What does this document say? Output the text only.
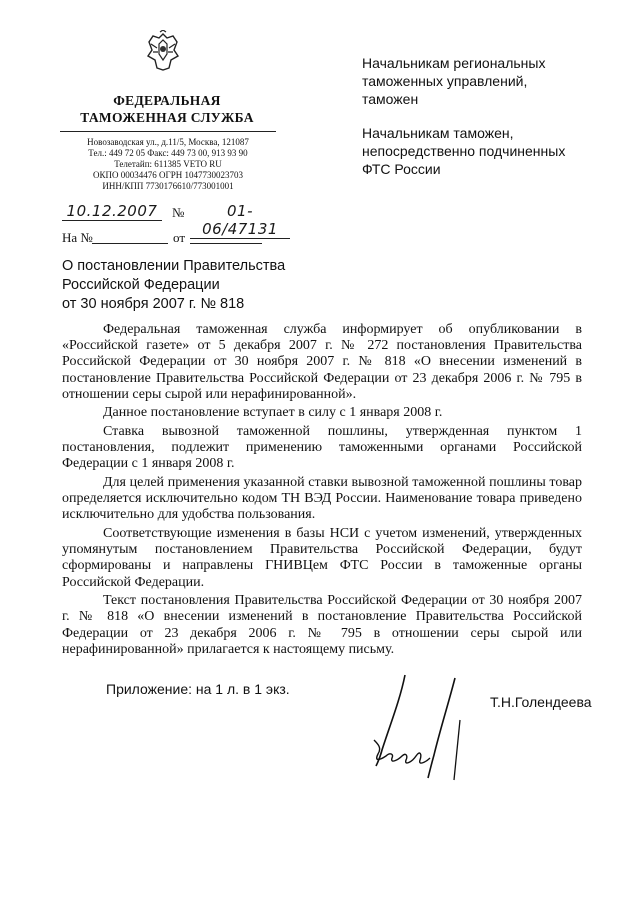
ФЕДЕРАЛЬНАЯ
ТАМОЖЕННАЯ СЛУЖБА
Новозаводская ул., д.11/5, Москва, 121087
Тел.: 449 72 05 Факс: 449 73 00, 913 93 90
Телетайп: 611385 VETO RU
ОКПО 00034476 ОГРН 1047730023703
ИНН/КПП 7730176610/773001001
10.12.2007	№	01-06/47131
На №	от
Начальникам региональных
таможенных управлений,
таможен
Начальникам таможен,
непосредственно подчиненных
ФТС России
О постановлении Правительства
Российской Федерации
от 30 ноября 2007 г. № 818

Федеральная таможенная служба информирует об опубликовании в «Российской газете» от 5 декабря 2007 г. № 272 постановления Правительства Российской Федерации от 30 ноября 2007 г. № 818 «О внесении изменений в постановление Правительства Российской Федерации от 23 декабря 2006 г. № 795 в отношении серы сырой или нерафинированной».

Данное постановление вступает в силу с 1 января 2008 г.

Ставка вывозной таможенной пошлины, утвержденная пунктом 1 постановления, подлежит применению таможенными органами Российской Федерации с 1 января 2008 г.

Для целей применения указанной ставки вывозной таможенной пошлины товар определяется исключительно кодом ТН ВЭД России. Наименование товара приведено исключительно для удобства пользования.

Соответствующие изменения в базы НСИ с учетом изменений, утвержденных упомянутым постановлением Правительства Российской Федерации, будут сформированы и направлены ГНИВЦем ФТС России в таможенные органы Российской Федерации.

Текст постановления Правительства Российской Федерации от 30 ноября 2007 г. № 818 «О внесении изменений в постановление Правительства Российской Федерации от 23 декабря 2006 г. № 795 в отношении серы сырой или нерафинированной» прилагается к настоящему письму.

Приложение: на 1 л. в 1 экз.
Т.Н.Голендеева
